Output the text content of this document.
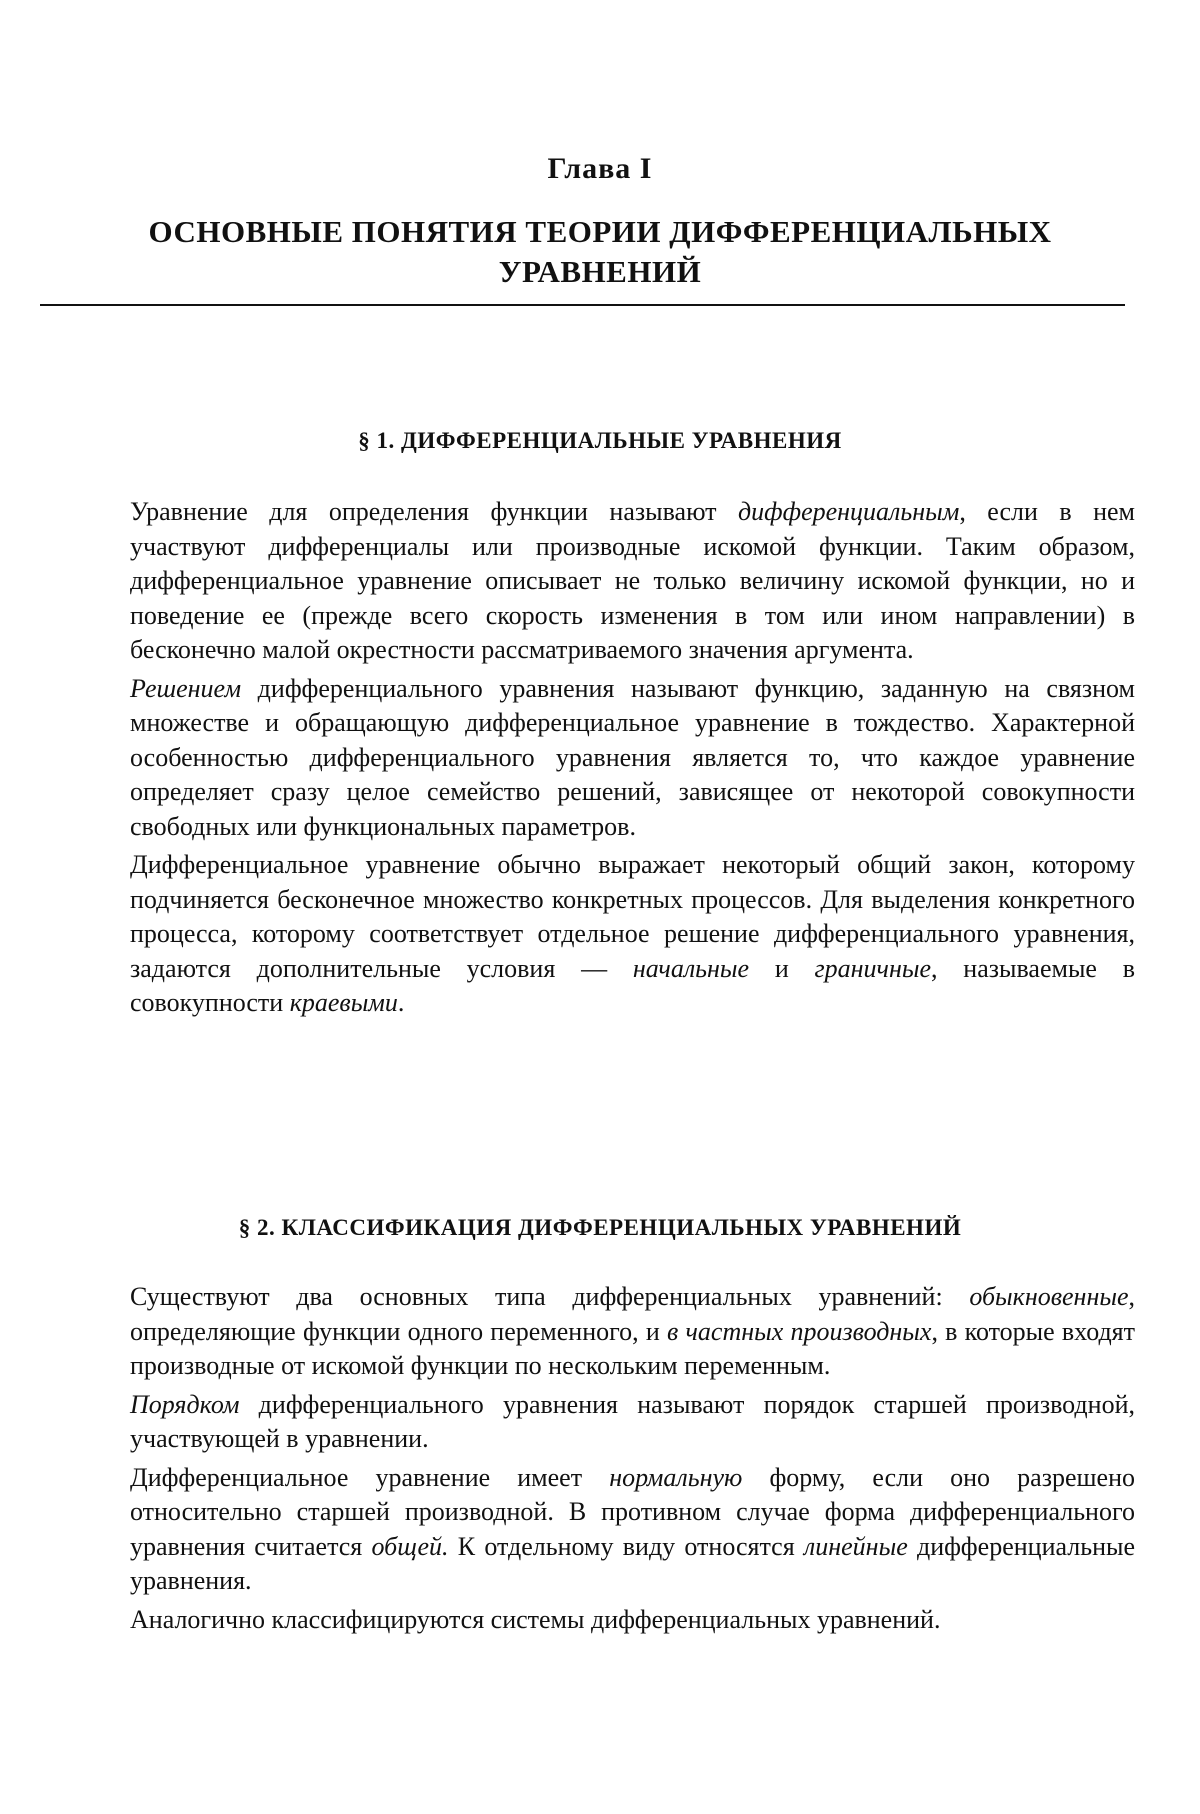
Глава I
ОСНОВНЫЕ ПОНЯТИЯ ТЕОРИИ ДИФФЕРЕНЦИАЛЬНЫХ
УРАВНЕНИЙ
§ 1. ДИФФЕРЕНЦИАЛЬНЫЕ УРАВНЕНИЯ

Уравнение для определения функции называют дифференциальным, если в нем участвуют дифференциалы или производные искомой функции. Таким образом, дифференциальное уравнение описывает не только величину искомой функции, но и поведение ее (прежде всего скорость изменения в том или ином направлении) в бесконечно малой окрестности рассматриваемого значения аргумента.

Решением дифференциального уравнения называют функцию, заданную на связном множестве и обращающую дифференциальное уравнение в тождество. Характерной особенностью дифференциального уравнения является то, что каждое уравнение определяет сразу целое семейство решений, зависящее от некоторой совокупности свободных или функциональных параметров.

Дифференциальное уравнение обычно выражает некоторый общий закон, которому подчиняется бесконечное множество конкретных процессов. Для выделения конкретного процесса, которому соответствует отдельное решение дифференциального уравнения, задаются дополнительные условия — начальные и граничные, называемые в совокупности краевыми.

§ 2. КЛАССИФИКАЦИЯ ДИФФЕРЕНЦИАЛЬНЫХ УРАВНЕНИЙ

Существуют два основных типа дифференциальных уравнений: обыкновенные, определяющие функции одного переменного, и в частных производных, в которые входят производные от искомой функции по нескольким переменным.

Порядком дифференциального уравнения называют порядок старшей производной, участвующей в уравнении.

Дифференциальное уравнение имеет нормальную форму, если оно разрешено относительно старшей производной. В противном случае форма дифференциального уравнения считается общей. К отдельному виду относятся линейные дифференциальные уравнения.

Аналогично классифицируются системы дифференциальных уравнений.
